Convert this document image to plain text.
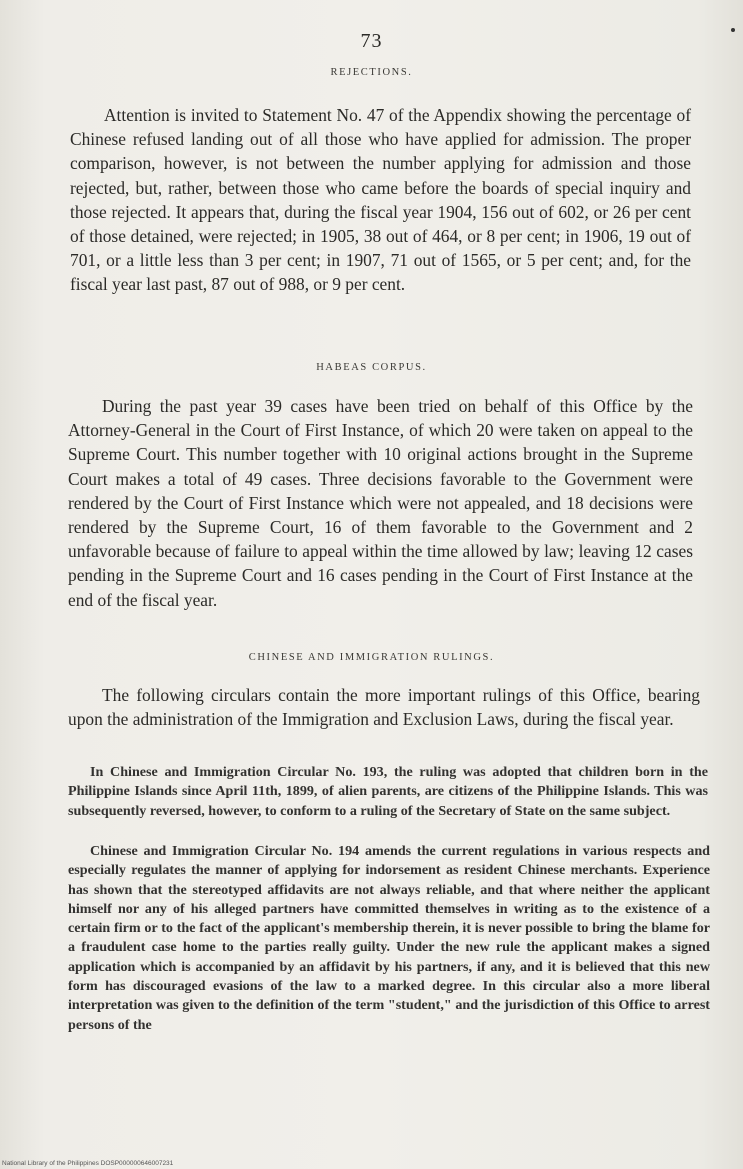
73
REJECTIONS.

Attention is invited to Statement No. 47 of the Appendix showing the percentage of Chinese refused landing out of all those who have applied for admission. The proper comparison, however, is not between the number applying for admission and those rejected, but, rather, between those who came before the boards of special inquiry and those rejected. It appears that, during the fiscal year 1904, 156 out of 602, or 26 per cent of those detained, were rejected; in 1905, 38 out of 464, or 8 per cent; in 1906, 19 out of 701, or a little less than 3 per cent; in 1907, 71 out of 1565, or 5 per cent; and, for the fiscal year last past, 87 out of 988, or 9 per cent.

HABEAS CORPUS.

During the past year 39 cases have been tried on behalf of this Office by the Attorney-General in the Court of First Instance, of which 20 were taken on appeal to the Supreme Court. This number together with 10 original actions brought in the Supreme Court makes a total of 49 cases. Three decisions favorable to the Government were rendered by the Court of First Instance which were not appealed, and 18 decisions were rendered by the Supreme Court, 16 of them favorable to the Government and 2 unfavorable because of failure to appeal within the time allowed by law; leaving 12 cases pending in the Supreme Court and 16 cases pending in the Court of First Instance at the end of the fiscal year.

CHINESE AND IMMIGRATION RULINGS.

The following circulars contain the more important rulings of this Office, bearing upon the administration of the Immigration and Exclusion Laws, during the fiscal year.

In Chinese and Immigration Circular No. 193, the ruling was adopted that children born in the Philippine Islands since April 11th, 1899, of alien parents, are citizens of the Philippine Islands. This was subsequently reversed, however, to conform to a ruling of the Secretary of State on the same subject.

Chinese and Immigration Circular No. 194 amends the current regulations in various respects and especially regulates the manner of applying for indorsement as resident Chinese merchants. Experience has shown that the stereotyped affidavits are not always reliable, and that where neither the applicant himself nor any of his alleged partners have committed themselves in writing as to the existence of a certain firm or to the fact of the applicant's membership therein, it is never possible to bring the blame for a fraudulent case home to the parties really guilty. Under the new rule the applicant makes a signed application which is accompanied by an affidavit by his partners, if any, and it is believed that this new form has discouraged evasions of the law to a marked degree. In this circular also a more liberal interpretation was given to the definition of the term "student," and the jurisdiction of this Office to arrest persons of the

National Library of the Philippines DOSP000000646007231
